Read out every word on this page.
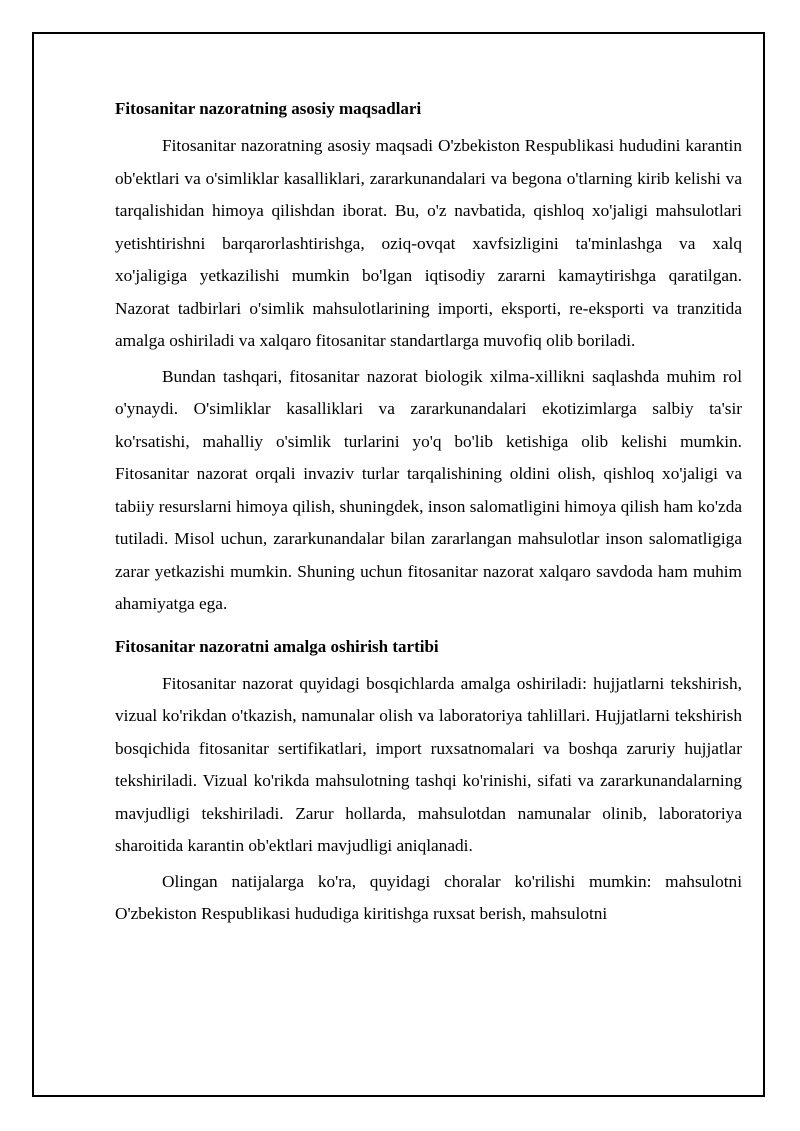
Fitosanitar nazoratning asosiy maqsadlari

Fitosanitar nazoratning asosiy maqsadi O'zbekiston Respublikasi hududini karantin ob'ektlari va o'simliklar kasalliklari, zararkunandalari va begona o'tlarning kirib kelishi va tarqalishidan himoya qilishdan iborat. Bu, o'z navbatida, qishloq xo'jaligi mahsulotlari yetishtirishni barqarorlashtirishga, oziq-ovqat xavfsizligini ta'minlashga va xalq xo'jaligiga yetkazilishi mumkin bo'lgan iqtisodiy zararni kamaytirishga qaratilgan. Nazorat tadbirlari o'simlik mahsulotlarining importi, eksporti, re-eksporti va tranzitida amalga oshiriladi va xalqaro fitosanitar standartlarga muvofiq olib boriladi.

Bundan tashqari, fitosanitar nazorat biologik xilma-xillikni saqlashda muhim rol o'ynaydi. O'simliklar kasalliklari va zararkunandalari ekotizimlarga salbiy ta'sir ko'rsatishi, mahalliy o'simlik turlarini yo'q bo'lib ketishiga olib kelishi mumkin. Fitosanitar nazorat orqali invaziv turlar tarqalishining oldini olish, qishloq xo'jaligi va tabiiy resurslarni himoya qilish, shuningdek, inson salomatligini himoya qilish ham ko'zda tutiladi. Misol uchun, zararkunandalar bilan zararlangan mahsulotlar inson salomatligiga zarar yetkazishi mumkin. Shuning uchun fitosanitar nazorat xalqaro savdoda ham muhim ahamiyatga ega.

Fitosanitar nazoratni amalga oshirish tartibi

Fitosanitar nazorat quyidagi bosqichlarda amalga oshiriladi: hujjatlarni tekshirish, vizual ko'rikdan o'tkazish, namunalar olish va laboratoriya tahlillari. Hujjatlarni tekshirish bosqichida fitosanitar sertifikatlari, import ruxsatnomalari va boshqa zaruriy hujjatlar tekshiriladi. Vizual ko'rikda mahsulotning tashqi ko'rinishi, sifati va zararkunandalarning mavjudligi tekshiriladi. Zarur hollarda, mahsulotdan namunalar olinib, laboratoriya sharoitida karantin ob'ektlari mavjudligi aniqlanadi.

Olingan natijalarga ko'ra, quyidagi choralar ko'rilishi mumkin: mahsulotni O'zbekiston Respublikasi hududiga kiritishga ruxsat berish, mahsulotni
